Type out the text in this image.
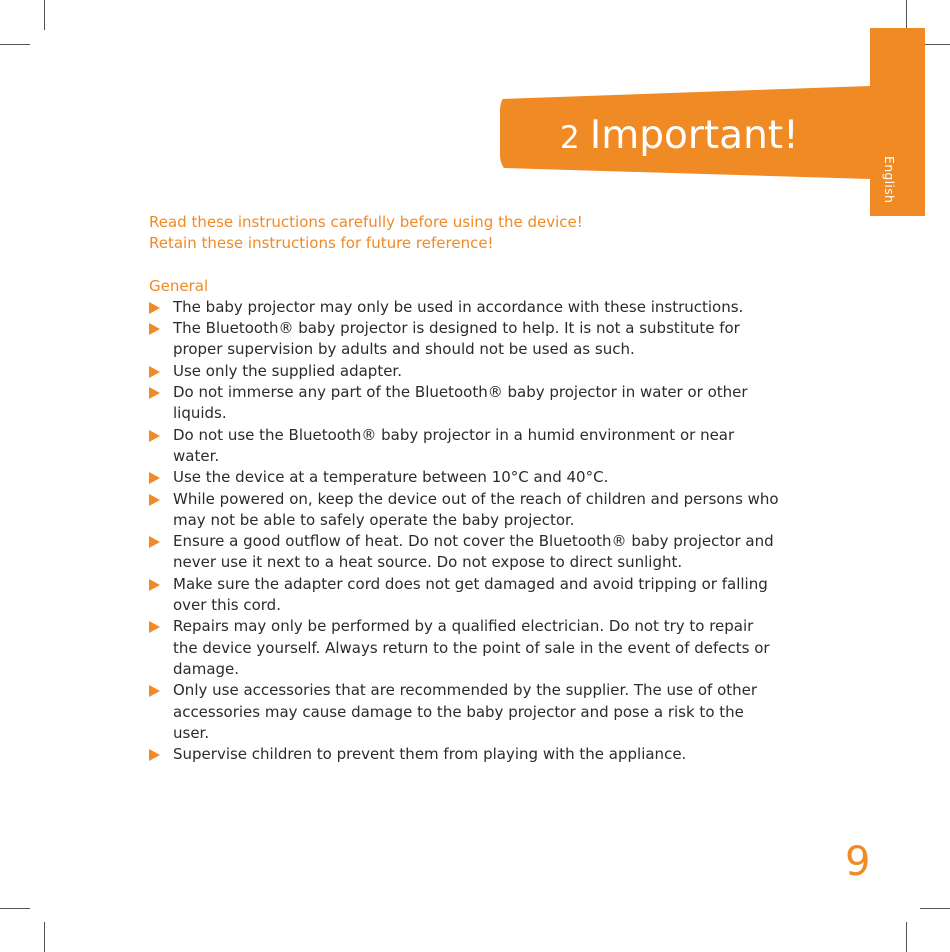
English
2 Important!
Read these instructions carefully before using the device!
Retain these instructions for future reference!
General
The baby projector may only be used in accordance with these instructions.
The Bluetooth® baby projector is designed to help. It is not a substitute for proper supervision by adults and should not be used as such.
Use only the supplied adapter.
Do not immerse any part of the Bluetooth® baby projector in water or other liquids.
Do not use the Bluetooth® baby projector in a humid environment or near water.
Use the device at a temperature between 10°C and 40°C.
While powered on, keep the device out of the reach of children and persons who may not be able to safely operate the baby projector.
Ensure a good outflow of heat. Do not cover the Bluetooth® baby projector and never use it next to a heat source. Do not expose to direct sunlight.
Make sure the adapter cord does not get damaged and avoid tripping or falling over this cord.
Repairs may only be performed by a qualified electrician. Do not try to repair the device yourself. Always return to the point of sale in the event of defects or damage.
Only use accessories that are recommended by the supplier. The use of other accessories may cause damage to the baby projector and pose a risk to the user.
Supervise children to prevent them from playing with the appliance.
9
